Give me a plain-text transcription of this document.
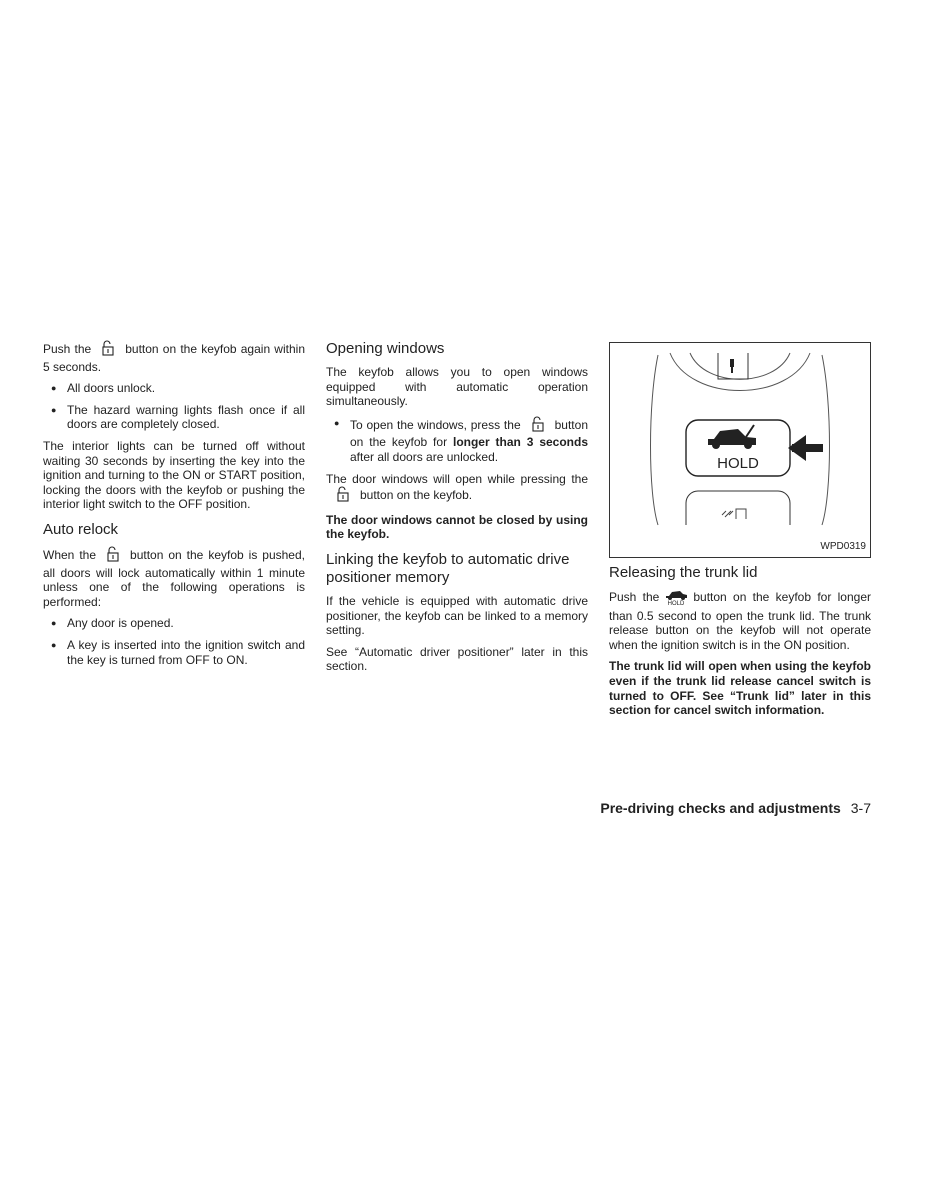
Push the	button on the keyfob again within 5 seconds.

● All doors unlock.
● The hazard warning lights flash once if all doors are completely closed.

The interior lights can be turned off without waiting 30 seconds by inserting the key into the ignition and turning to the ON or START position, locking the doors with the keyfob or pushing the interior light switch to the OFF position.

Auto relock

When the	button on the keyfob is pushed, all doors will lock automatically within 1 minute unless one of the following operations is performed:

● Any door is opened.
● A key is inserted into the ignition switch and the key is turned from OFF to ON.
Opening windows

The keyfob allows you to open windows equipped with automatic operation simultaneously.

● To open the windows, press the	button on the keyfob for longer than 3 seconds after all doors are unlocked.

The door windows will open while pressing thebutton on the keyfob.

The door windows cannot be closed by using the keyfob.

Linking the keyfob to automatic drive positioner memory

If the vehicle is equipped with automatic drive positioner, the keyfob can be linked to a memory setting.

See “Automatic driver positioner” later in this section.

HOLD
WPD0319
Releasing the trunk lid

Push the HOLD button on the keyfob for longer than 0.5 second to open the trunk lid. The trunk release button on the keyfob will not operate when the ignition switch is in the ON position.

The trunk lid will open when using the keyfob even if the trunk lid release cancel switch is turned to OFF. See “Trunk lid” later in this section for cancel switch information.

Pre-driving checks and adjustments 3-7
